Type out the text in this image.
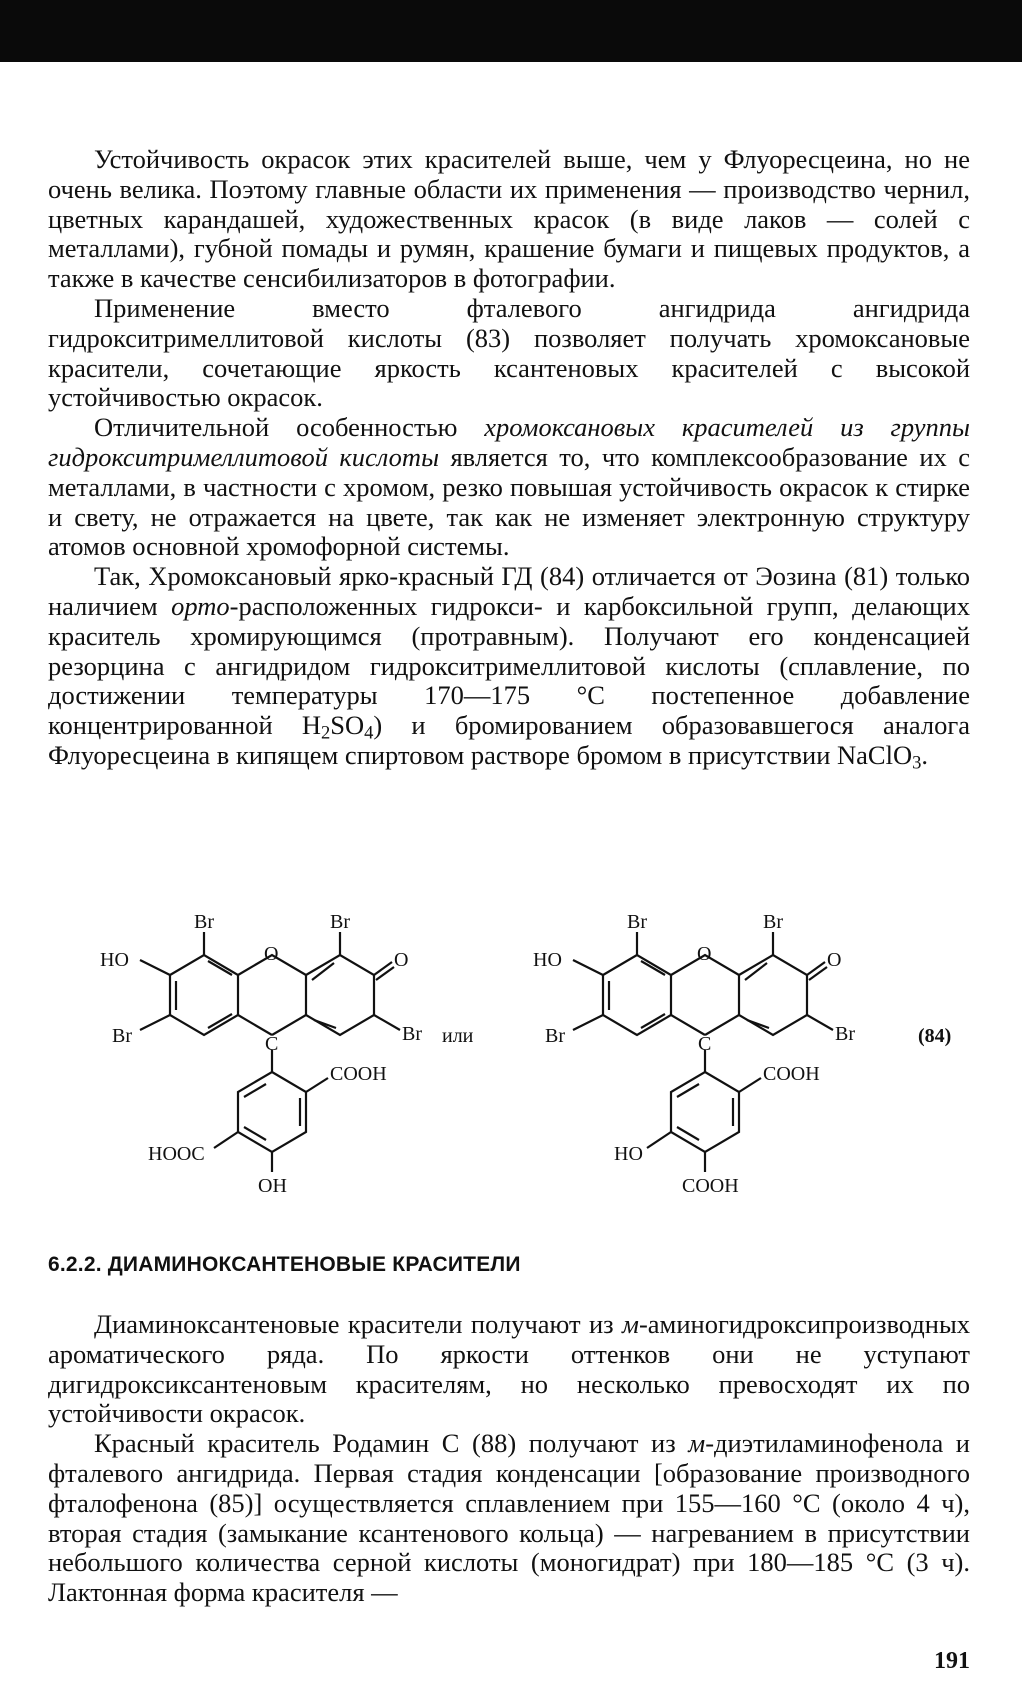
Устойчивость окрасок этих красителей выше, чем у Флуоресцеина, но не очень велика. Поэтому главные области их применения — производство чернил, цветных карандашей, художественных красок (в виде лаков — солей с металлами), губной помады и румян, крашение бумаги и пищевых продуктов, а также в качестве сенсибилизаторов в фотографии.

Применение вместо фталевого ангидрида ангидрида гидрокситримеллитовой кислоты (83) позволяет получать хромоксановые красители, сочетающие яркость ксантеновых красителей с высокой устойчивостью окрасок.

Отличительной особенностью хромоксановых красителей из группы гидрокситримеллитовой кислоты является то, что комплексообразование их с металлами, в частности с хромом, резко повышая устойчивость окрасок к стирке и свету, не отражается на цвете, так как не изменяет электронную структуру атомов основной хромофорной системы.

Так, Хромоксановый ярко-красный ГД (84) отличается от Эозина (81) только наличием орто-расположенных гидрокси- и карбоксильной групп, делающих краситель хромирующимся (протравным). Получают его конденсацией резорцина с ангидридом гидрокситримеллитовой кислоты (сплавление, по достижении температуры 170—175 °C постепенное добавление концентрированной $H_2SO_4$) и бромированием образовавшегося аналога Флуоресцеина в кипящем спиртовом растворе бромом в присутствии NaClO$_3$.

Br	Br
HO	O	O
Br	Br
C
COOH
HOOC
OH
или
Br	Br
HO	O	O
Br	Br
C
COOH
HO
COOH
(84)
6.2.2. ДИАМИНОКСАНТЕНОВЫЕ КРАСИТЕЛИ

Диаминоксантеновые красители получают из м-аминогидроксипроизводных ароматического ряда. По яркости оттенков они не уступают дигидроксиксантеновым красителям, но несколько превосходят их по устойчивости окрасок.

Красный краситель Родамин С (88) получают из м-диэтиламинофенола и фталевого ангидрида. Первая стадия конденсации [образование производного фталофенона (85)] осуществляется сплавлением при 155—160 °C (около 4 ч), вторая стадия (замыкание ксантенового кольца) — нагреванием в присутствии небольшого количества серной кислоты (моногидрат) при 180—185 °C (3 ч). Лактонная форма красителя —

191
